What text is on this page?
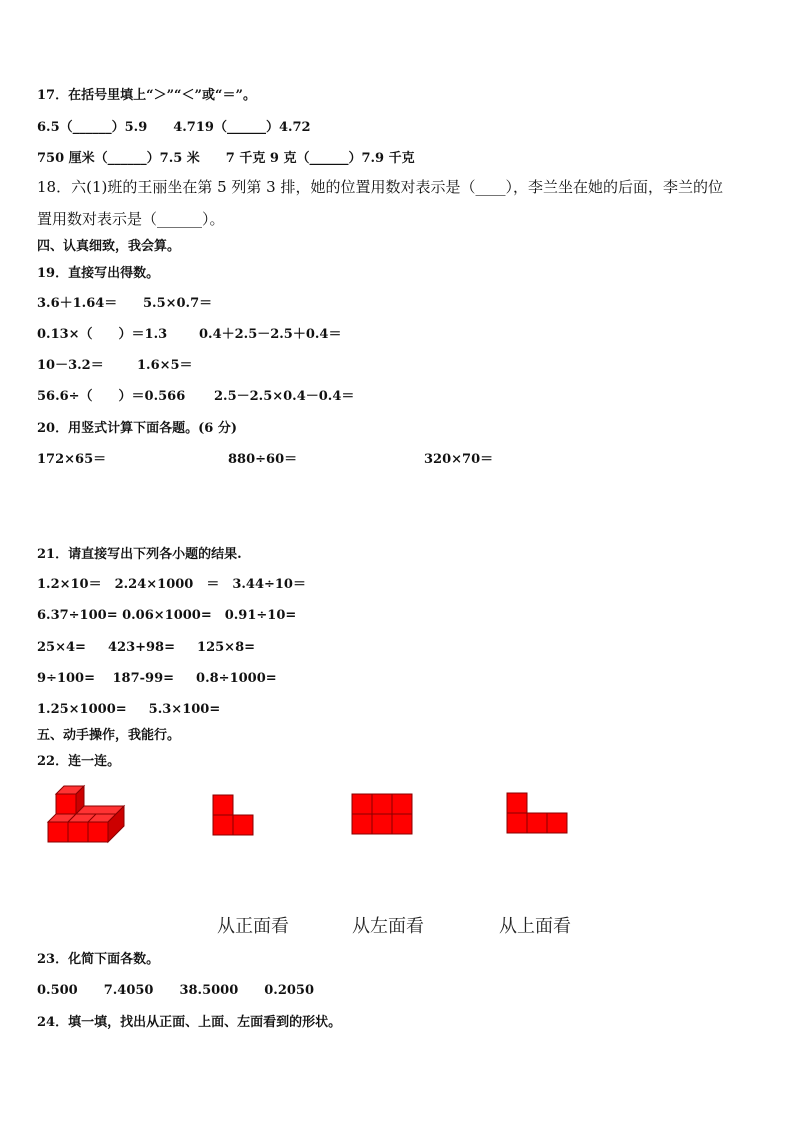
17．在括号里填上“＞”“＜”或“＝”。
6.5（______）5.9　　4.719（______）4.72
750 厘米（______）7.5 米　　7 千克 9 克（______）7.9 千克
18．六(1)班的王丽坐在第 5 列第 3 排，她的位置用数对表示是（____），李兰坐在她的后面，李兰的位
置用数对表示是（______）。
四、认真细致，我会算。
19．直接写出得数。
3.6＋1.64＝ 5.5×0.7＝
0.13×（　　）＝1.3 0.4＋2.5－2.5＋0.4＝
10－3.2＝	1.6×5＝
56.6÷（　　）＝0.566 2.5－2.5×0.4－0.4＝
20．用竖式计算下面各题。(6 分)
172×65＝	880÷60＝	320×70＝
21．请直接写出下列各小题的结果.
1.2×10＝　2.24×1000　＝　3.44÷10＝
6.37÷100= 0.06×1000=　0.91÷10=
25×4=　  423+98=　  125×8=
9÷100=　 187-99=　  0.8÷1000=
1.25×1000=　  5.3×100=
五、动手操作，我能行。
22．连一连。
从正面看	从左面看	从上面看
23．化简下面各数。
0.500　　7.4050　　38.5000　　0.2050
24．填一填，找出从正面、上面、左面看到的形状。
